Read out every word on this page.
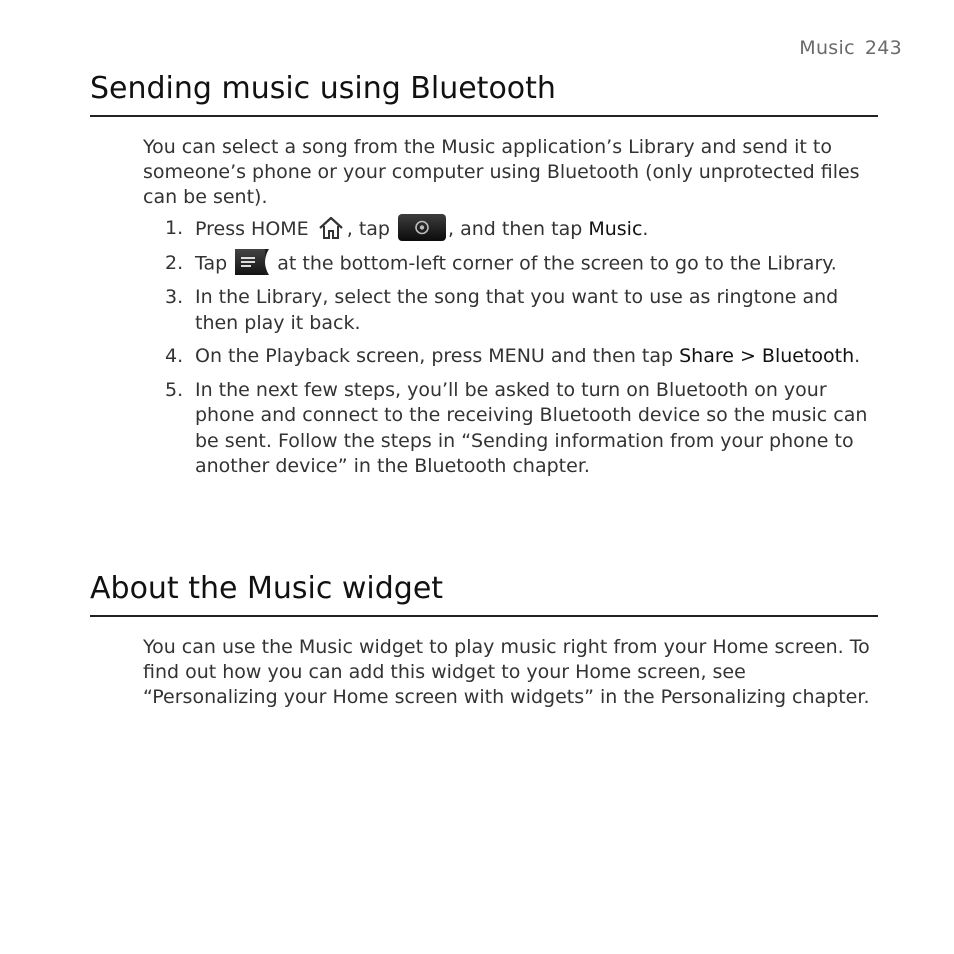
Music 243
Sending music using Bluetooth

You can select a song from the Music application’s Library and send it to someone’s phone or your computer using Bluetooth (only unprotected files can be sent).

1. Press HOME , tap	, and then tap Music.
2. Tap  at the bottom-left corner of the screen to go to the Library.
3. In the Library, select the song that you want to use as ringtone and then play it back.
4. On the Playback screen, press MENU and then tap Share > Bluetooth.
5. In the next few steps, you’ll be asked to turn on Bluetooth on your phone and connect to the receiving Bluetooth device so the music can be sent. Follow the steps in “Sending information from your phone to another device” in the Bluetooth chapter.
About the Music widget

You can use the Music widget to play music right from your Home screen. To find out how you can add this widget to your Home screen, see “Personalizing your Home screen with widgets” in the Personalizing chapter.
